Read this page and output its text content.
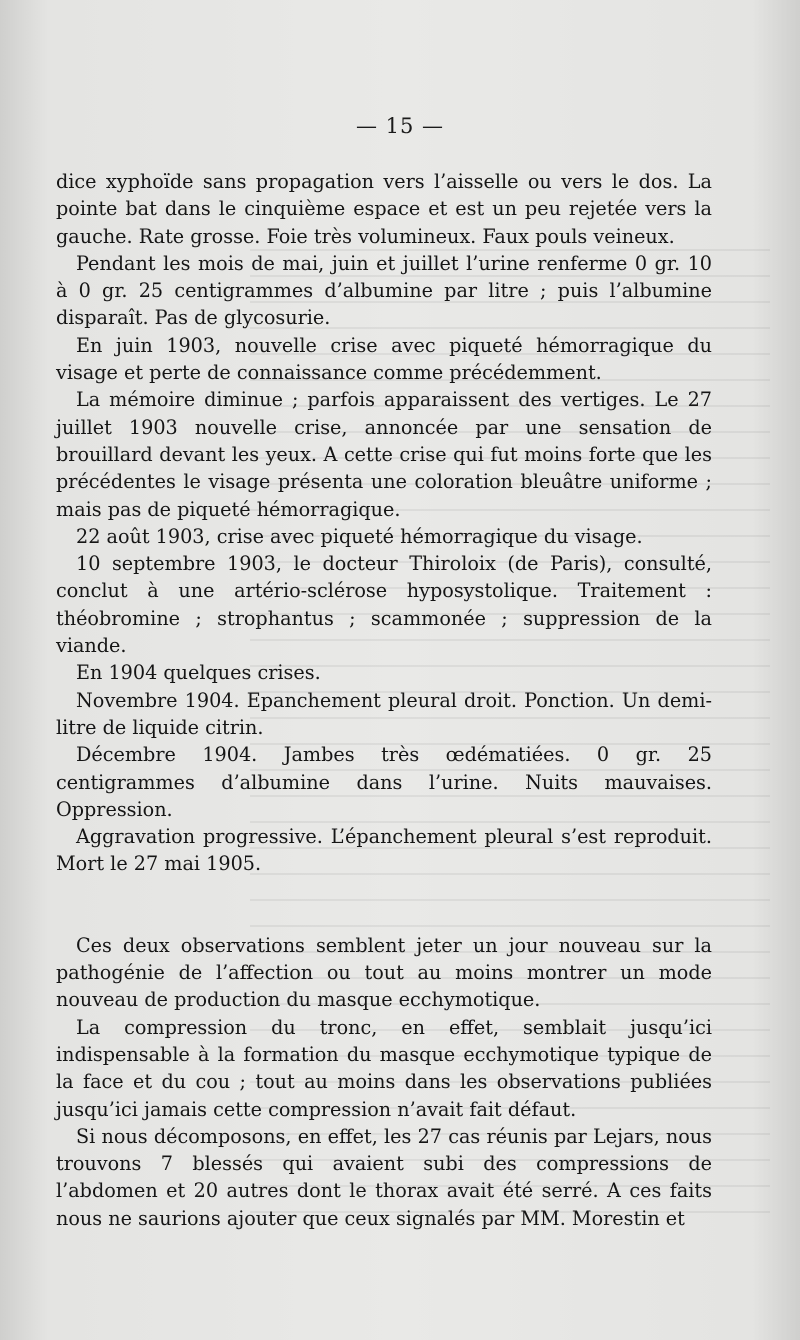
— 15 —

dice xyphoïde sans propagation vers l’aisselle ou vers le dos. La pointe bat dans le cinquième espace et est un peu rejetée vers la gauche. Rate grosse. Foie très volumineux. Faux pouls veineux.

Pendant les mois de mai, juin et juillet l’urine renferme 0 gr. 10 à 0 gr. 25 centigrammes d’albumine par litre ; puis l’albumine disparaît. Pas de glycosurie.

En juin 1903, nouvelle crise avec piqueté hémorragique du visage et perte de connaissance comme précédemment.

La mémoire diminue ; parfois apparaissent des vertiges. Le 27 juillet 1903 nouvelle crise, annoncée par une sensation de brouillard devant les yeux. A cette crise qui fut moins forte que les précédentes le visage présenta une coloration bleuâtre uniforme ; mais pas de piqueté hémorragique.

22 août 1903, crise avec piqueté hémorragique du visage.

10 septembre 1903, le docteur Thiroloix (de Paris), consulté, conclut à une artério-sclérose hyposystolique. Traitement : théobromine ; strophantus ; scammonée ; suppression de la viande.

En 1904 quelques crises.

Novembre 1904. Epanchement pleural droit. Ponction. Un demi-litre de liquide citrin.

Décembre 1904. Jambes très œdématiées. 0 gr. 25 centigrammes d’albumine dans l’urine. Nuits mauvaises. Oppression.

Aggravation progressive. L’épanchement pleural s’est reproduit. Mort le 27 mai 1905.

Ces deux observations semblent jeter un jour nouveau sur la pathogénie de l’affection ou tout au moins montrer un mode nouveau de production du masque ecchymotique.

La compression du tronc, en effet, semblait jusqu’ici indispensable à la formation du masque ecchymotique typique de la face et du cou ; tout au moins dans les observations publiées jusqu’ici jamais cette compression n’avait fait défaut.

Si nous décomposons, en effet, les 27 cas réunis par Lejars, nous trouvons 7 blessés qui avaient subi des compressions de l’abdomen et 20 autres dont le thorax avait été serré. A ces faits nous ne saurions ajouter que ceux signalés par MM. Morestin et
